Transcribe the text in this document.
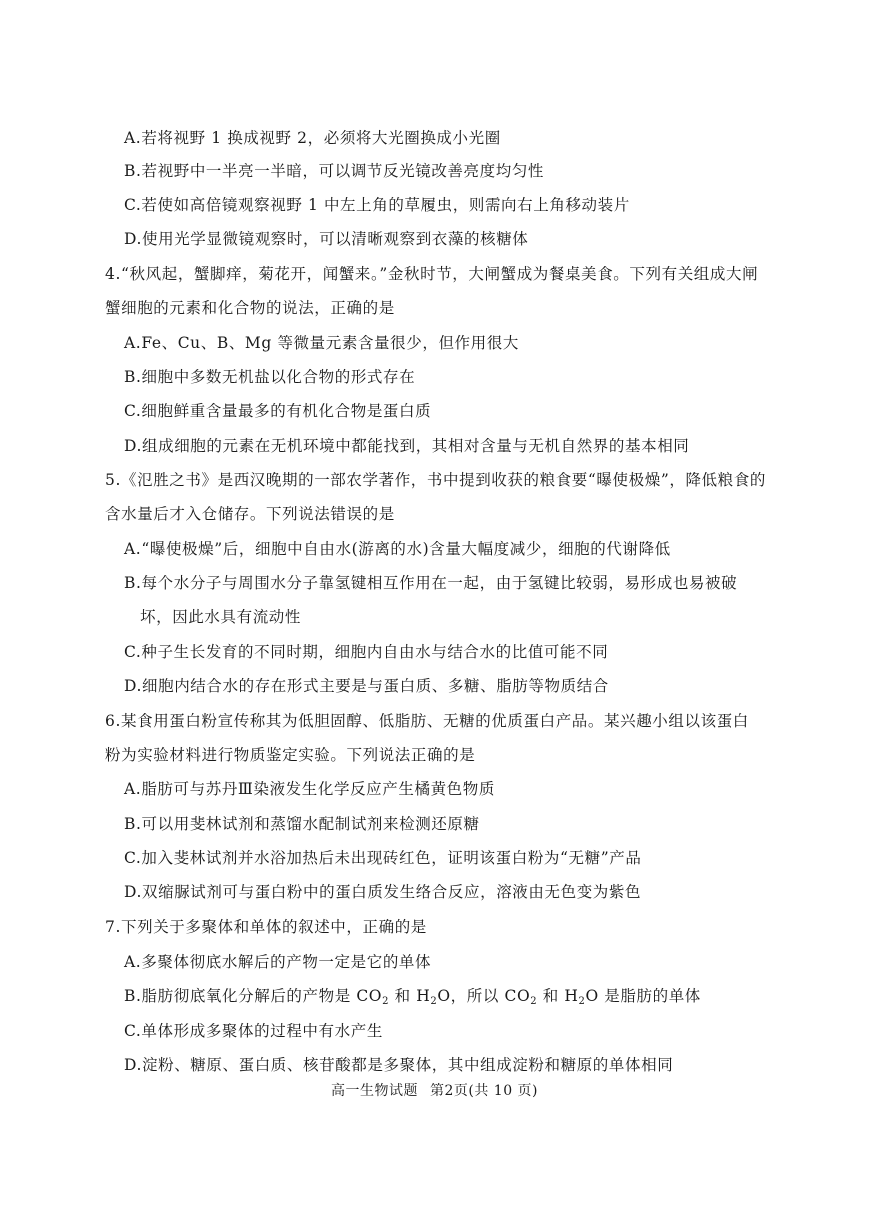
A.若将视野 1 换成视野 2，必须将大光圈换成小光圈
B.若视野中一半亮一半暗，可以调节反光镜改善亮度均匀性
C.若使如高倍镜观察视野 1 中左上角的草履虫，则需向右上角移动装片
D.使用光学显微镜观察时，可以清晰观察到衣藻的核糖体
4.“秋风起，蟹脚痒，菊花开，闻蟹来。”金秋时节，大闸蟹成为餐桌美食。下列有关组成大闸
蟹细胞的元素和化合物的说法，正确的是
A.Fe、Cu、B、Mg 等微量元素含量很少，但作用很大
B.细胞中多数无机盐以化合物的形式存在
C.细胞鲜重含量最多的有机化合物是蛋白质
D.组成细胞的元素在无机环境中都能找到，其相对含量与无机自然界的基本相同
5.《氾胜之书》是西汉晚期的一部农学著作，书中提到收获的粮食要“曝使极燥”，降低粮食的
含水量后才入仓储存。下列说法错误的是
A.“曝使极燥”后，细胞中自由水(游离的水)含量大幅度减少，细胞的代谢降低
B.每个水分子与周围水分子靠氢键相互作用在一起，由于氢键比较弱，易形成也易被破
坏，因此水具有流动性
C.种子生长发育的不同时期，细胞内自由水与结合水的比值可能不同
D.细胞内结合水的存在形式主要是与蛋白质、多糖、脂肪等物质结合
6.某食用蛋白粉宣传称其为低胆固醇、低脂肪、无糖的优质蛋白产品。某兴趣小组以该蛋白
粉为实验材料进行物质鉴定实验。下列说法正确的是
A.脂肪可与苏丹Ⅲ染液发生化学反应产生橘黄色物质
B.可以用斐林试剂和蒸馏水配制试剂来检测还原糖
C.加入斐林试剂并水浴加热后未出现砖红色，证明该蛋白粉为“无糖”产品
D.双缩脲试剂可与蛋白粉中的蛋白质发生络合反应，溶液由无色变为紫色
7.下列关于多聚体和单体的叙述中，正确的是
A.多聚体彻底水解后的产物一定是它的单体
B.脂肪彻底氧化分解后的产物是 $CO_2$ 和 $H_2O$，所以 $CO_2$ 和 $H_2O$ 是脂肪的单体
C.单体形成多聚体的过程中有水产生
D.淀粉、糖原、蛋白质、核苷酸都是多聚体，其中组成淀粉和糖原的单体相同
高一生物试题 第2页(共 10 页)
